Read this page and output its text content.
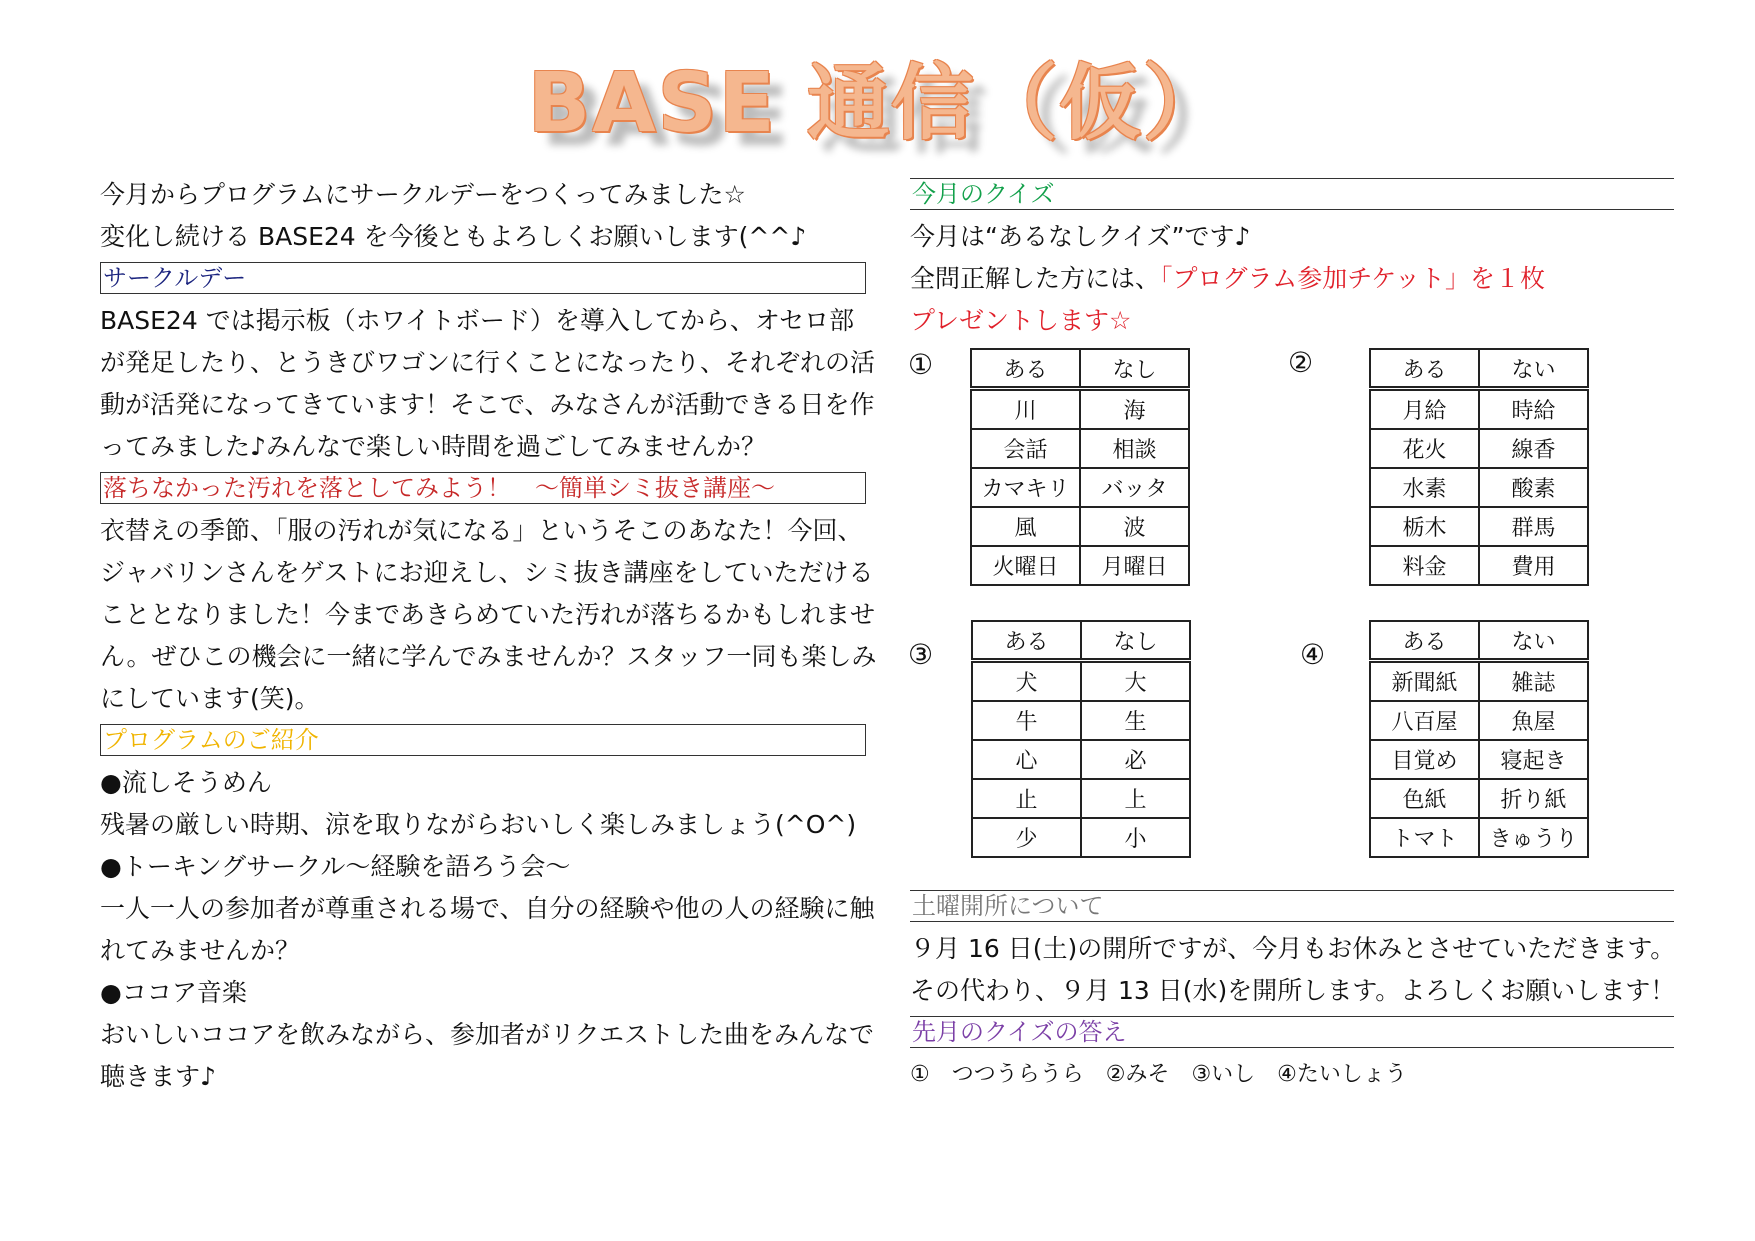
BASE 通信（仮）
今月からプログラムにサークルデーをつくってみました☆
変化し続ける BASE24 を今後ともよろしくお願いします(^^♪
サークルデー
BASE24 では掲示板（ホワイトボード）を導入してから、オセロ部
が発足したり、とうきびワゴンに行くことになったり、それぞれの活
動が活発になってきています！そこで、みなさんが活動できる日を作
ってみました♪みんなで楽しい時間を過ごしてみませんか？
落ちなかった汚れを落としてみよう！　～簡単シミ抜き講座～
衣替えの季節、「服の汚れが気になる」というそこのあなた！今回、
ジャバリンさんをゲストにお迎えし、シミ抜き講座をしていただける
こととなりました！今まであきらめていた汚れが落ちるかもしれませ
ん。ぜひこの機会に一緒に学んでみませんか？スタッフ一同も楽しみ
にしています(笑)。
プログラムのご紹介
●流しそうめん
残暑の厳しい時期、涼を取りながらおいしく楽しみましょう(^O^)
●トーキングサークル～経験を語ろう会～
一人一人の参加者が尊重される場で、自分の経験や他の人の経験に触
れてみませんか？
●ココア音楽
おいしいココアを飲みながら、参加者がリクエストした曲をみんなで
聴きます♪
今月のクイズ
今月は“あるなしクイズ”です♪
全問正解した方には、「プログラム参加チケット」を１枚
プレゼントします☆
①	ある	なし
川	海
会話	相談
カマキリ	バッタ
風	波
火曜日	月曜日
②	ある	ない
月給	時給
花火	線香
水素	酸素
栃木	群馬
料金	費用
③	ある	なし
犬	大
牛	生
心	必
止	上
少	小
④	ある	ない
新聞紙	雑誌
八百屋	魚屋
目覚め	寝起き
色紙	折り紙
トマト	きゅうり
土曜開所について
９月 16 日(土)の開所ですが、今月もお休みとさせていただきます。
その代わり、９月 13 日(水)を開所します。よろしくお願いします！
先月のクイズの答え
①　つつうらうら　②みそ　③いし　④たいしょう
